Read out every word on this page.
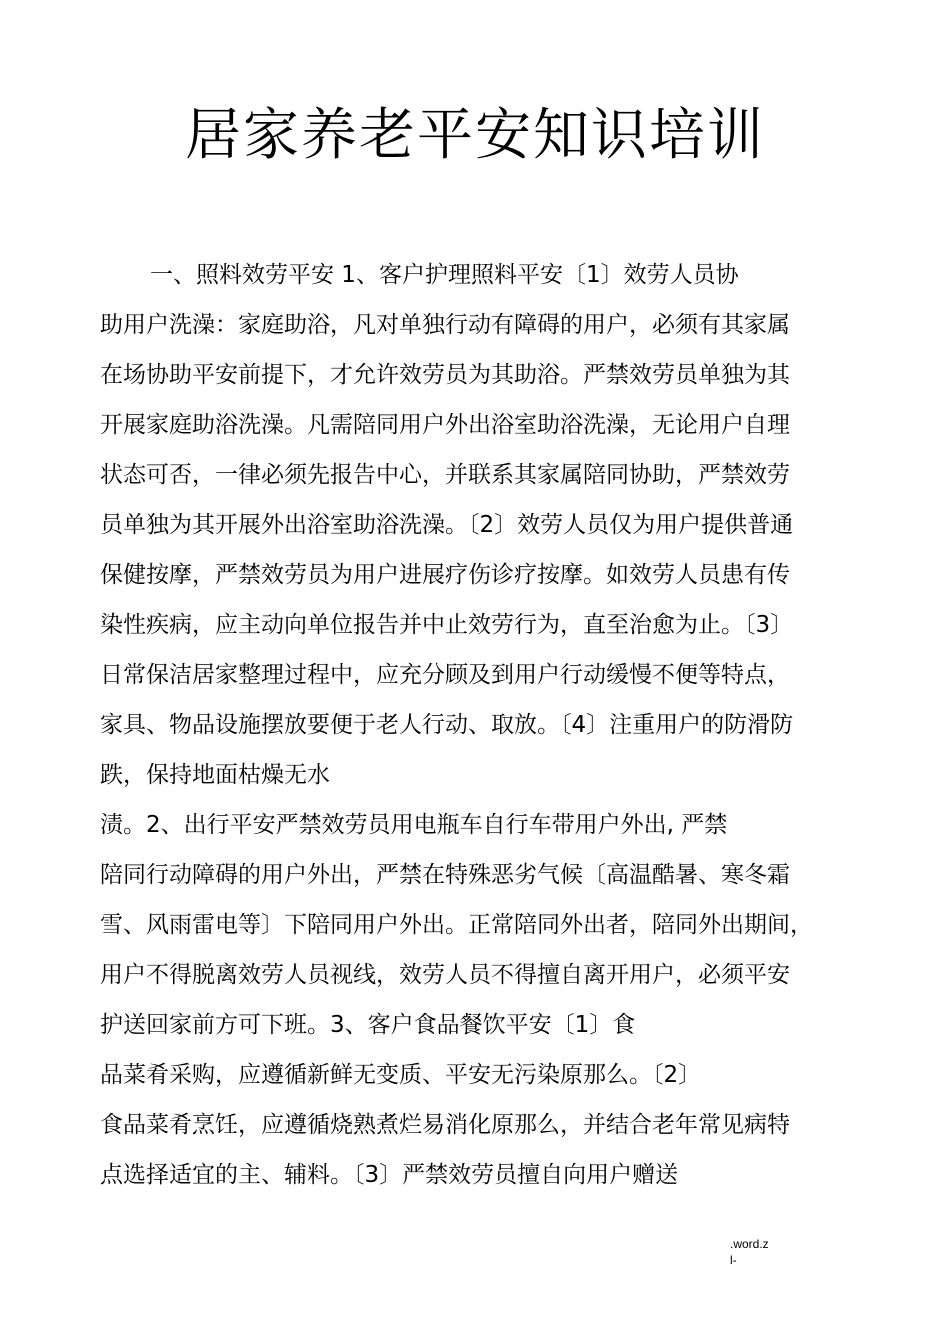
居家养老平安知识培训
一、照料效劳平安 1、客户护理照料平安〔1〕效劳人员协
助用户洗澡：家庭助浴，凡对单独行动有障碍的用户，必须有其家属
在场协助平安前提下，才允许效劳员为其助浴。严禁效劳员单独为其
开展家庭助浴洗澡。凡需陪同用户外出浴室助浴洗澡，无论用户自理
状态可否，一律必须先报告中心，并联系其家属陪同协助，严禁效劳
员单独为其开展外出浴室助浴洗澡。〔2〕效劳人员仅为用户提供普通
保健按摩，严禁效劳员为用户进展疗伤诊疗按摩。如效劳人员患有传
染性疾病，应主动向单位报告并中止效劳行为，直至治愈为止。〔3〕
日常保洁居家整理过程中，应充分顾及到用户行动缓慢不便等特点，
家具、物品设施摆放要便于老人行动、取放。〔4〕注重用户的防滑防
跌，保持地面枯燥无水
渍。2、出行平安严禁效劳员用电瓶车自行车带用户外出, 严禁
陪同行动障碍的用户外出，严禁在特殊恶劣气候〔高温酷暑、寒冬霜
雪、风雨雷电等〕下陪同用户外出。正常陪同外出者，陪同外出期间，
用户不得脱离效劳人员视线，效劳人员不得擅自离开用户，必须平安
护送回家前方可下班。3、客户食品餐饮平安〔1〕食
品菜肴采购，应遵循新鲜无变质、平安无污染原那么。〔2〕
食品菜肴烹饪，应遵循烧熟煮烂易消化原那么，并结合老年常见病特
点选择适宜的主、辅料。〔3〕严禁效劳员擅自向用户赠送
.word.z
l-
